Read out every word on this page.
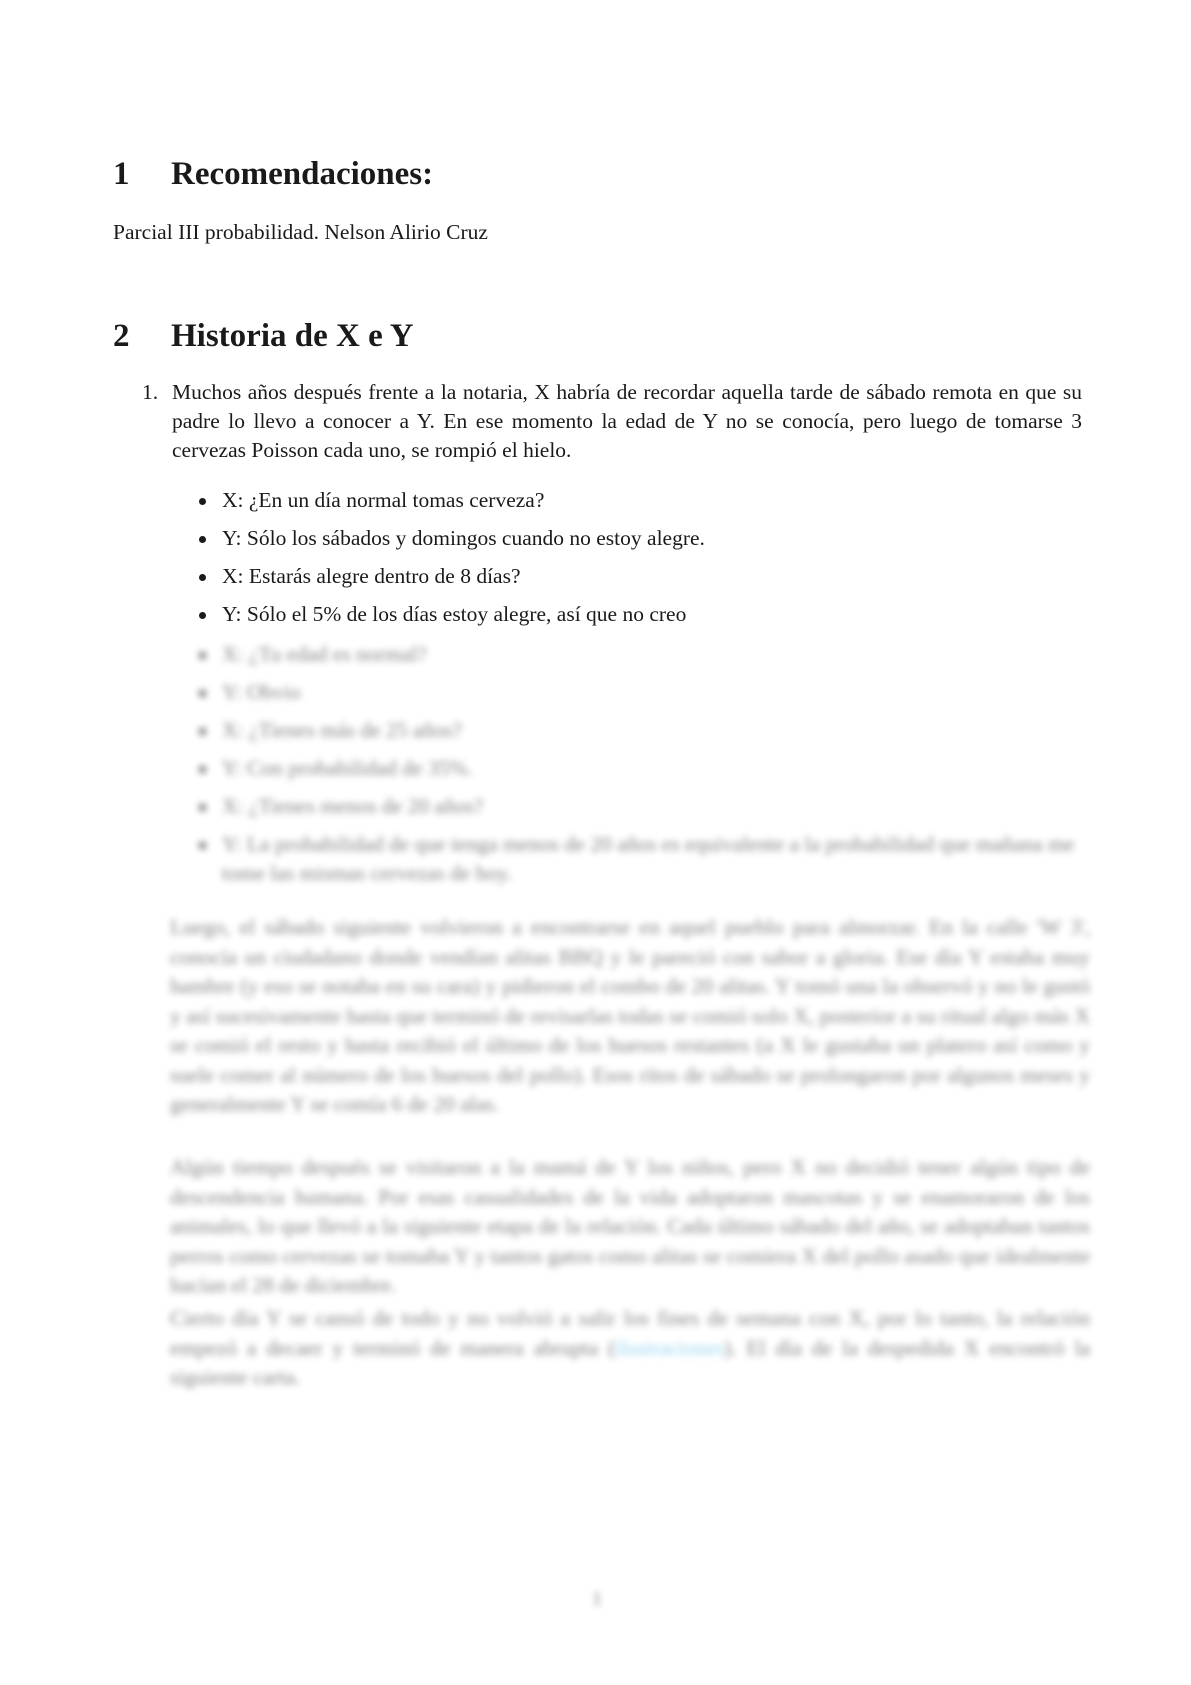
1 Recomendaciones:

Parcial III probabilidad. Nelson Alirio Cruz

2 Historia de X e Y
1. Muchos años después frente a la notaria, X habría de recordar aquella tarde de sábado remota en que su padre lo llevo a conocer a Y. En ese momento la edad de Y no se conocía, pero luego de tomarse 3 cervezas Poisson cada uno, se rompió el hielo.
X: ¿En un día normal tomas cerveza?
Y: Sólo los sábados y domingos cuando no estoy alegre.
X: Estarás alegre dentro de 8 días?
Y: Sólo el 5% de los días estoy alegre, así que no creo
X: ¿Tu edad es normal?
Y: Obvio
X: ¿Tienes más de 25 años?
Y: Con probabilidad de 35%.
X: ¿Tienes menos de 20 años?
Y: La probabilidad de que tenga menos de 20 años es equivalente a la probabilidad que mañana me tome las mismas cervezas de hoy.

Luego, el sábado siguiente volvieron a encontrarse en aquel pueblo para almorzar. En la calle 'W 3', conocía un ciudadano donde vendían alitas BBQ y le pareció con sabor a gloria. Ese día Y estaba muy hambre (y eso se notaba en su cara) y pidieron el combo de 20 alitas. Y tomó una la observó y no le gustó y así sucesivamente hasta que terminó de revisarlas todas se comió solo X, posterior a su ritual algo más X se comió el resto y hasta recibió el último de los huesos restantes (a X le gustaba un platero así como y suele comer al número de los huesos del pollo). Esos ritos de sábado se prolongaron por algunos meses y generalmente Y se comía 6 de 20 alas.

Algún tiempo después se visitaron a la mamá de Y los niños, pero X no decidió tener algún tipo de descendencia humana. Por esas casualidades de la vida adoptaron mascotas y se enamoraron de los animales, lo que llevó a la siguiente etapa de la relación. Cada último sábado del año, se adoptaban tantos perros como cervezas se tomaba Y y tantos gatos como alitas se comiera X del pollo asado que idealmente hacían el 28 de diciembre.

Cierto día Y se cansó de todo y no volvió a salir los fines de semana con X, por lo tanto, la relación empezó a decaer y terminó de manera abrupta (ilustraciones). El día de la despedida X encontró la siguiente carta.

1
